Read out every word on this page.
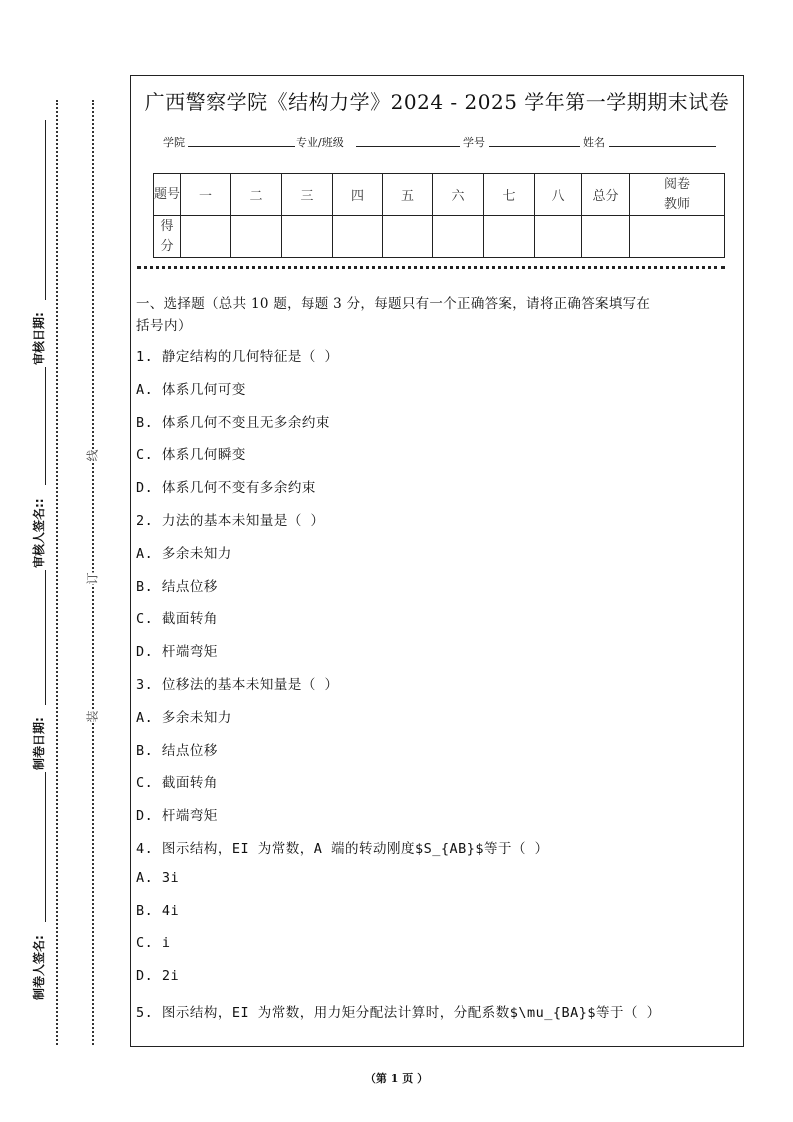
广西警察学院《结构力学》2024 - 2025 学年第一学期期末试卷
学院	专业/班级	学号	姓名
题号	一	二	三	四	五	六	七	八	总分	阅卷教师
得分										
一、选择题（总共 10 题，每题 3 分，每题只有一个正确答案，请将正确答案填写在
括号内）
1. 静定结构的几何特征是（ ）
A. 体系几何可变
B. 体系几何不变且无多余约束
C. 体系几何瞬变
D. 体系几何不变有多余约束
2. 力法的基本未知量是（ ）
A. 多余未知力
B. 结点位移
C. 截面转角
D. 杆端弯矩
3. 位移法的基本未知量是（ ）
A. 多余未知力
B. 结点位移
C. 截面转角
D. 杆端弯矩
4. 图示结构，EI 为常数，A 端的转动刚度$S_{AB}$等于（ ）
A. 3i
B. 4i
C. i
D. 2i
5. 图示结构，EI 为常数，用力矩分配法计算时，分配系数$\mu_{BA}$等于（ ）
装
订
线
制卷人签名:
制卷日期:
审核人签名::
审核日期:
（第 1 页 ）
